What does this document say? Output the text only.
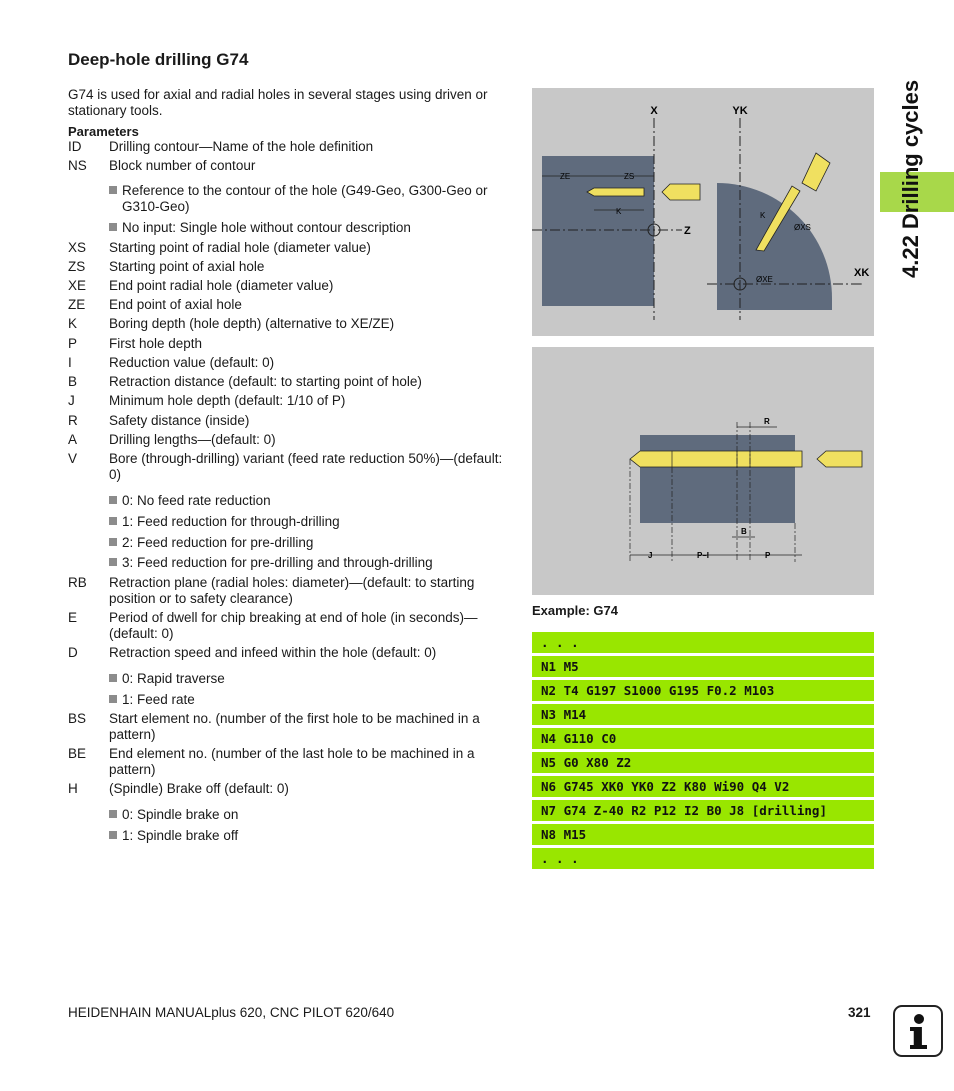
Deep-hole drilling G74
G74 is used for axial and radial holes in several stages using driven or stationary tools.
Parameters
ID	Drilling contour—Name of the hole definition
NS	Block number of contour
Reference to the contour of the hole (G49-Geo, G300-Geo or G310-Geo)
No input: Single hole without contour description
XS	Starting point of radial hole (diameter value)
ZS	Starting point of axial hole
XE	End point radial hole (diameter value)
ZE	End point of axial hole
K	Boring depth (hole depth) (alternative to XE/ZE)
P	First hole depth
I	Reduction value (default: 0)
B	Retraction distance (default: to starting point of hole)
J	Minimum hole depth (default: 1/10 of P)
R	Safety distance (inside)
A	Drilling lengths—(default: 0)
V	Bore (through-drilling) variant (feed rate reduction 50%)—(default: 0)
0: No feed rate reduction
1: Feed reduction for through-drilling
2: Feed reduction for pre-drilling
3: Feed reduction for pre-drilling and through-drilling
RB	Retraction plane (radial holes: diameter)—(default: to starting position or to safety clearance)
E	Period of dwell for chip breaking at end of hole (in seconds)—(default: 0)
D	Retraction speed and infeed within the hole (default: 0)
0: Rapid traverse
1: Feed rate
BS	Start element no. (number of the first hole to be machined in a pattern)
BE	End element no. (number of the last hole to be machined in a pattern)
H	(Spindle) Brake off (default: 0)
0: Spindle brake on
1: Spindle brake off
4.22 Drilling cycles
X	YK
Z
XK
ZE	ZS
K	K
ØXS
ØXE
R
B
J	P–I	P
Example: G74
. . .
N1 M5
N2 T4 G197 S1000 G195 F0.2 M103
N3 M14
N4 G110 C0
N5 G0 X80 Z2
N6 G745 XK0 YK0 Z2 K80 Wi90 Q4 V2
N7 G74 Z-40 R2 P12 I2 B0 J8 [drilling]
N8 M15
. . .
HEIDENHAIN MANUALplus 620, CNC PILOT 620/640	321
